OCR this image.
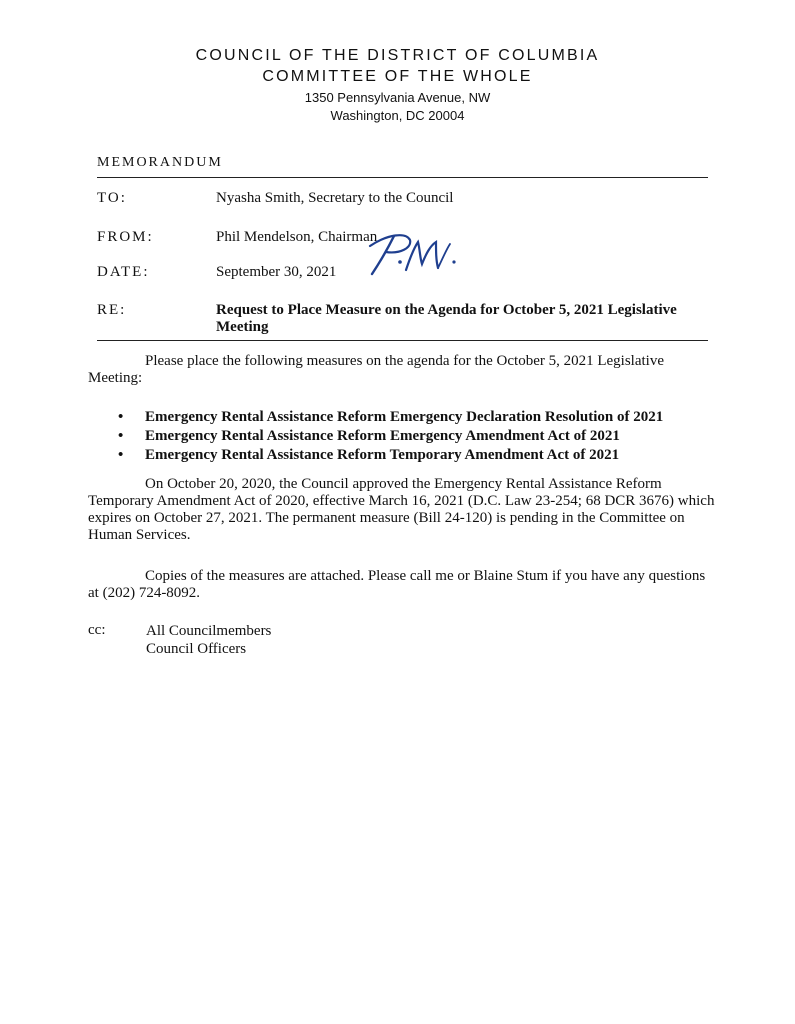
COUNCIL OF THE DISTRICT OF COLUMBIA
COMMITTEE OF THE WHOLE
1350 Pennsylvania Avenue, NW
Washington, DC 20004
MEMORANDUM
TO:	Nyasha Smith, Secretary to the Council
FROM:	Phil Mendelson, Chairman
DATE:	September 30, 2021
RE:	Request to Place Measure on the Agenda for October 5, 2021 Legislative Meeting
Please place the following measures on the agenda for the October 5, 2021 Legislative Meeting:
• Emergency Rental Assistance Reform Emergency Declaration Resolution of 2021
• Emergency Rental Assistance Reform Emergency Amendment Act of 2021
• Emergency Rental Assistance Reform Temporary Amendment Act of 2021
On October 20, 2020, the Council approved the Emergency Rental Assistance Reform Temporary Amendment Act of 2020, effective March 16, 2021 (D.C. Law 23-254; 68 DCR 3676) which expires on October 27, 2021. The permanent measure (Bill 24-120) is pending in the Committee on Human Services.
Copies of the measures are attached. Please call me or Blaine Stum if you have any questions at (202) 724-8092.
cc:	All Councilmembers
Council Officers
